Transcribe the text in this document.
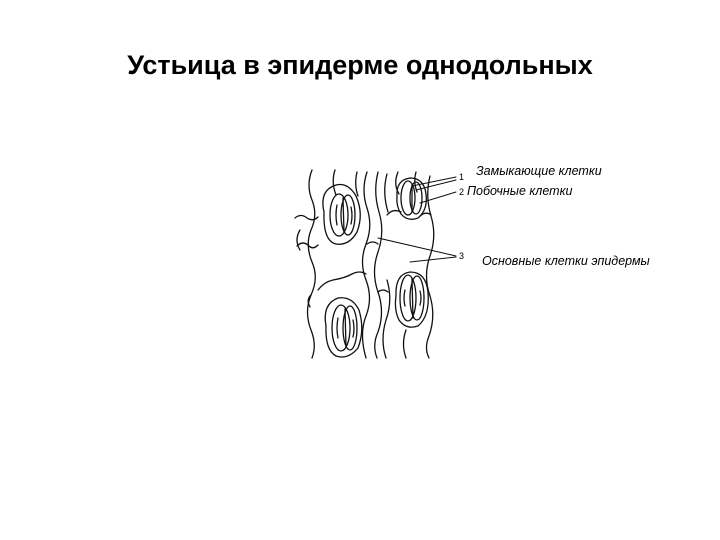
Устьица в эпидерме однодольных
1 Замыкающие клетки
2 Побочные клетки
3 Основные клетки эпидермы
